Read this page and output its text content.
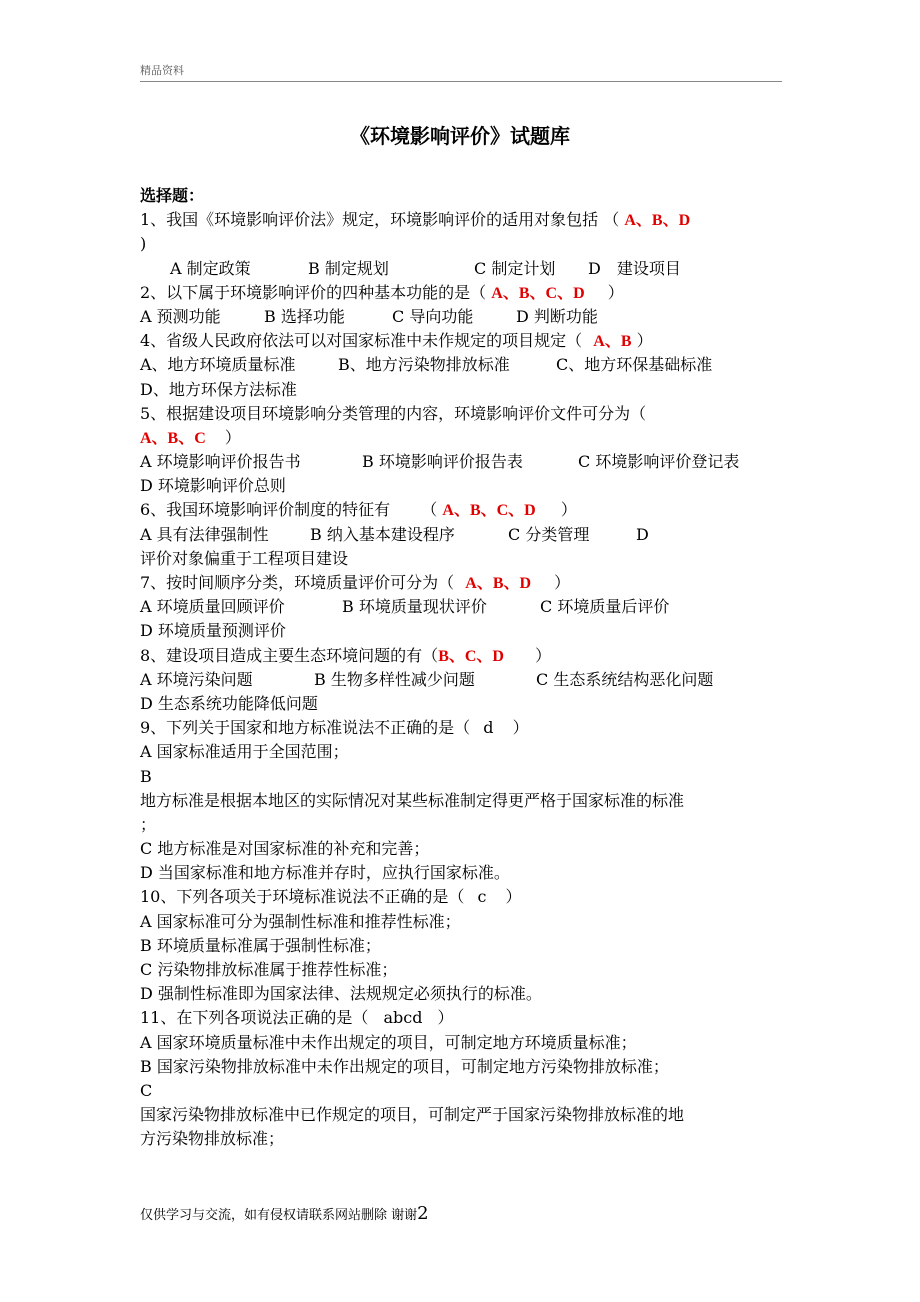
精品资料
《环境影响评价》试题库
选择题：
1、我国《环境影响评价法》规定，环境影响评价的适用对象包括 （ A、B、D
)
A 制定政策	B 制定规划	C 制定计划 D　建设项目
2、以下属于环境影响评价的四种基本功能的是（ A、B、C、D ）
A 预测功能	B 选择功能	C 导向功能	D 判断功能
4、省级人民政府依法可以对国家标准中未作规定的项目规定（ A、B ）
A、地方环境质量标准	B、地方污染物排放标准	C、地方环保基础标准
D、地方环保方法标准
5、根据建设项目环境影响分类管理的内容，环境影响评价文件可分为（
A、B、C ）
A 环境影响评价报告书	B 环境影响评价报告表	C 环境影响评价登记表
D 环境影响评价总则
6、我国环境影响评价制度的特征有 （ A、B、C、D ）
A 具有法律强制性	B 纳入基本建设程序	C 分类管理	D
评价对象偏重于工程项目建设
7、按时间顺序分类，环境质量评价可分为（ A、B、D ）
A 环境质量回顾评价	B 环境质量现状评价	C 环境质量后评价
D 环境质量预测评价
8、建设项目造成主要生态环境问题的有（B、C、D ）
A 环境污染问题	B 生物多样性减少问题	C 生态系统结构恶化问题
D 生态系统功能降低问题
9、下列关于国家和地方标准说法不正确的是（ d ）
A 国家标准适用于全国范围；
B
地方标准是根据本地区的实际情况对某些标准制定得更严格于国家标准的标准
；
C 地方标准是对国家标准的补充和完善；
D 当国家标准和地方标准并存时，应执行国家标准。
10、下列各项关于环境标准说法不正确的是（ c ）
A 国家标准可分为强制性标准和推荐性标准；
B 环境质量标准属于强制性标准；
C 污染物排放标准属于推荐性标准；
D 强制性标准即为国家法律、法规规定必须执行的标准。
11、在下列各项说法正确的是（ abcd ）
A 国家环境质量标准中未作出规定的项目，可制定地方环境质量标准；
B 国家污染物排放标准中未作出规定的项目，可制定地方污染物排放标准；
C
国家污染物排放标准中已作规定的项目，可制定严于国家污染物排放标准的地
方污染物排放标准；
仅供学习与交流，如有侵权请联系网站删除 谢谢2
